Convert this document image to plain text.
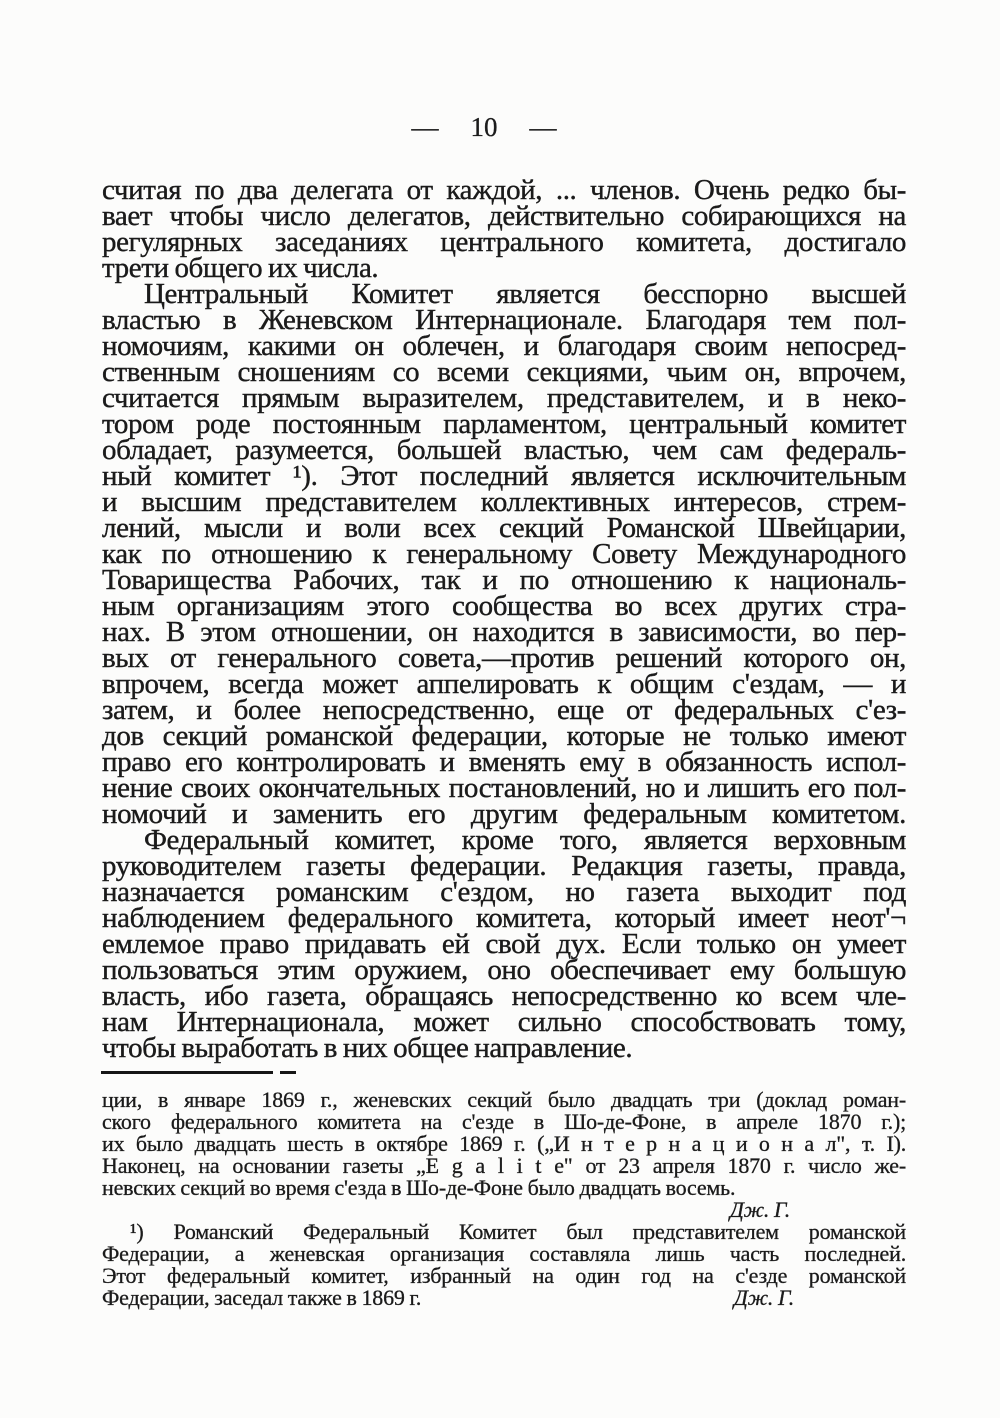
— 10 —
считая по два делегата от каждой, ... членов. Очень редко бы-
вает чтобы число делегатов, действительно собирающихся на
регулярных заседаниях центрального комитета, достигало
трети общего их числа.
Центральный Комитет является бесспорно высшей
властью в Женевском Интернационале. Благодаря тем пол-
номочиям, какими он облечен, и благодаря своим непосред-
ственным сношениям со всеми секциями, чьим он, впрочем,
считается прямым выразителем, представителем, и в неко-
тором роде постоянным парламентом, центральный комитет
обладает, разумеется, большей властью, чем сам федераль-
ный комитет ¹). Этот последний является исключительным
и высшим представителем коллективных интересов, стрем-
лений, мысли и воли всех секций Романской Швейцарии,
как по отношению к генеральному Совету Международного
Товарищества Рабочих, так и по отношению к националь-
ным организациям этого сообщества во всех других стра-
нах. В этом отношении, он находится в зависимости, во пер-
вых от генерального совета,—против решений которого он,
впрочем, всегда может аппелировать к общим с'ездам, — и
затем, и более непосредственно, еще от федеральных с'ез-
дов секций романской федерации, которые не только имеют
право его контролировать и вменять ему в обязанность испол-
нение своих окончательных постановлений, но и лишить его пол-
номочий и заменить его другим федеральным комитетом.
Федеральный комитет, кроме того, является верховным
руководителем газеты федерации. Редакция газеты, правда,
назначается романским с'ездом, но газета выходит под
наблюдением федерального комитета, который имеет неот'¬
емлемое право придавать ей свой дух. Если только он умеет
пользоваться этим оружием, оно обеспечивает ему большую
власть, ибо газета, обращаясь непосредственно ко всем чле-
нам Интернационала, может сильно способствовать тому,
чтобы выработать в них общее направление.
ции, в январе 1869 г., женевских секций было двадцать три (доклад роман-
ского федерального комитета на с'езде в Шо-де-Фоне, в апреле 1870 г.);
их было двадцать шесть в октябре 1869 г. („И н т е р н а ц и о н а л", т. I).
Наконец, на основании газеты „E g a l i t e" от 23 апреля 1870 г. число же-
невских секций во время с'езда в Шо-де-Фоне было двадцать восемь.
Дж. Г.
¹) Романский Федеральный Комитет был представителем романской
Федерации, а женевская организация составляла лишь часть последней.
Этот федеральный комитет, избранный на один год на с'езде романской
Федерации, заседал также в 1869 г.	Дж. Г.
